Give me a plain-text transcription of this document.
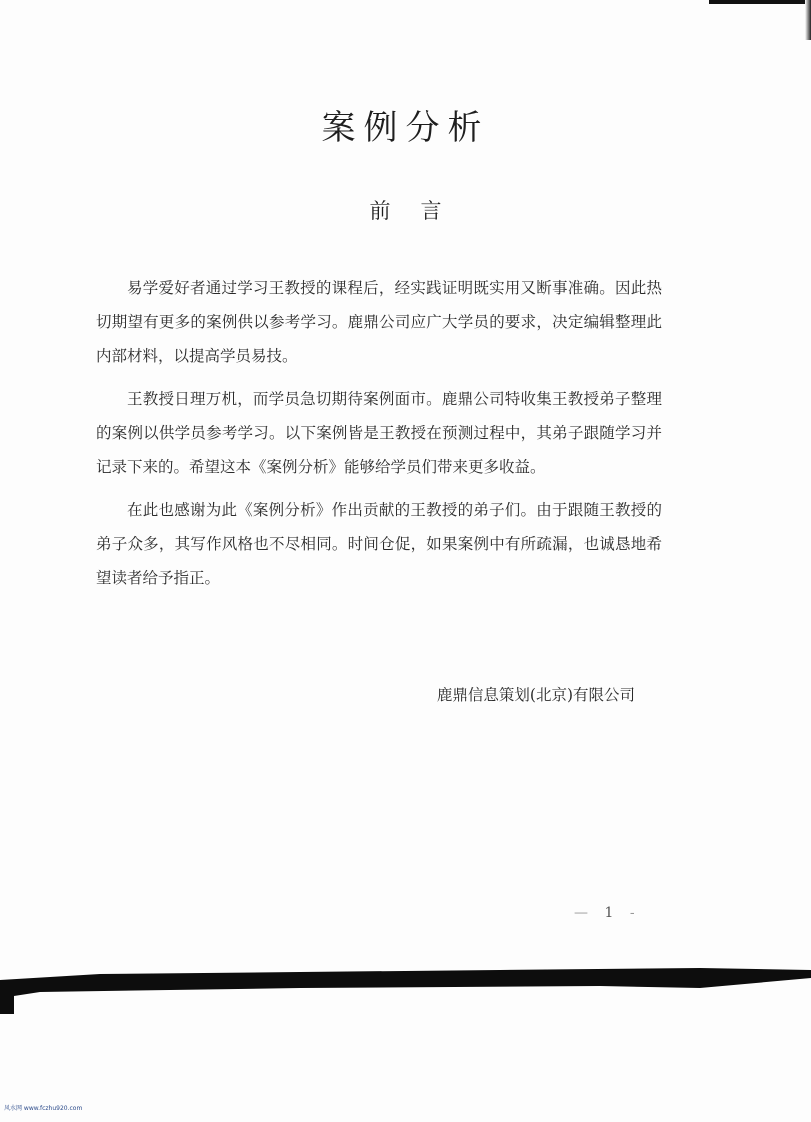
案例分析
前言

易学爱好者通过学习王教授的课程后，经实践证明既实用又断事准确。因此热切期望有更多的案例供以参考学习。鹿鼎公司应广大学员的要求，决定编辑整理此内部材料，以提高学员易技。

王教授日理万机，而学员急切期待案例面市。鹿鼎公司特收集王教授弟子整理的案例以供学员参考学习。以下案例皆是王教授在预测过程中，其弟子跟随学习并记录下来的。希望这本《案例分析》能够给学员们带来更多收益。

在此也感谢为此《案例分析》作出贡献的王教授的弟子们。由于跟随王教授的弟子众多，其写作风格也不尽相同。时间仓促，如果案例中有所疏漏，也诚恳地希望读者给予指正。

鹿鼎信息策划(北京)有限公司
— 1 -
风水网 www.fczhu920.com
